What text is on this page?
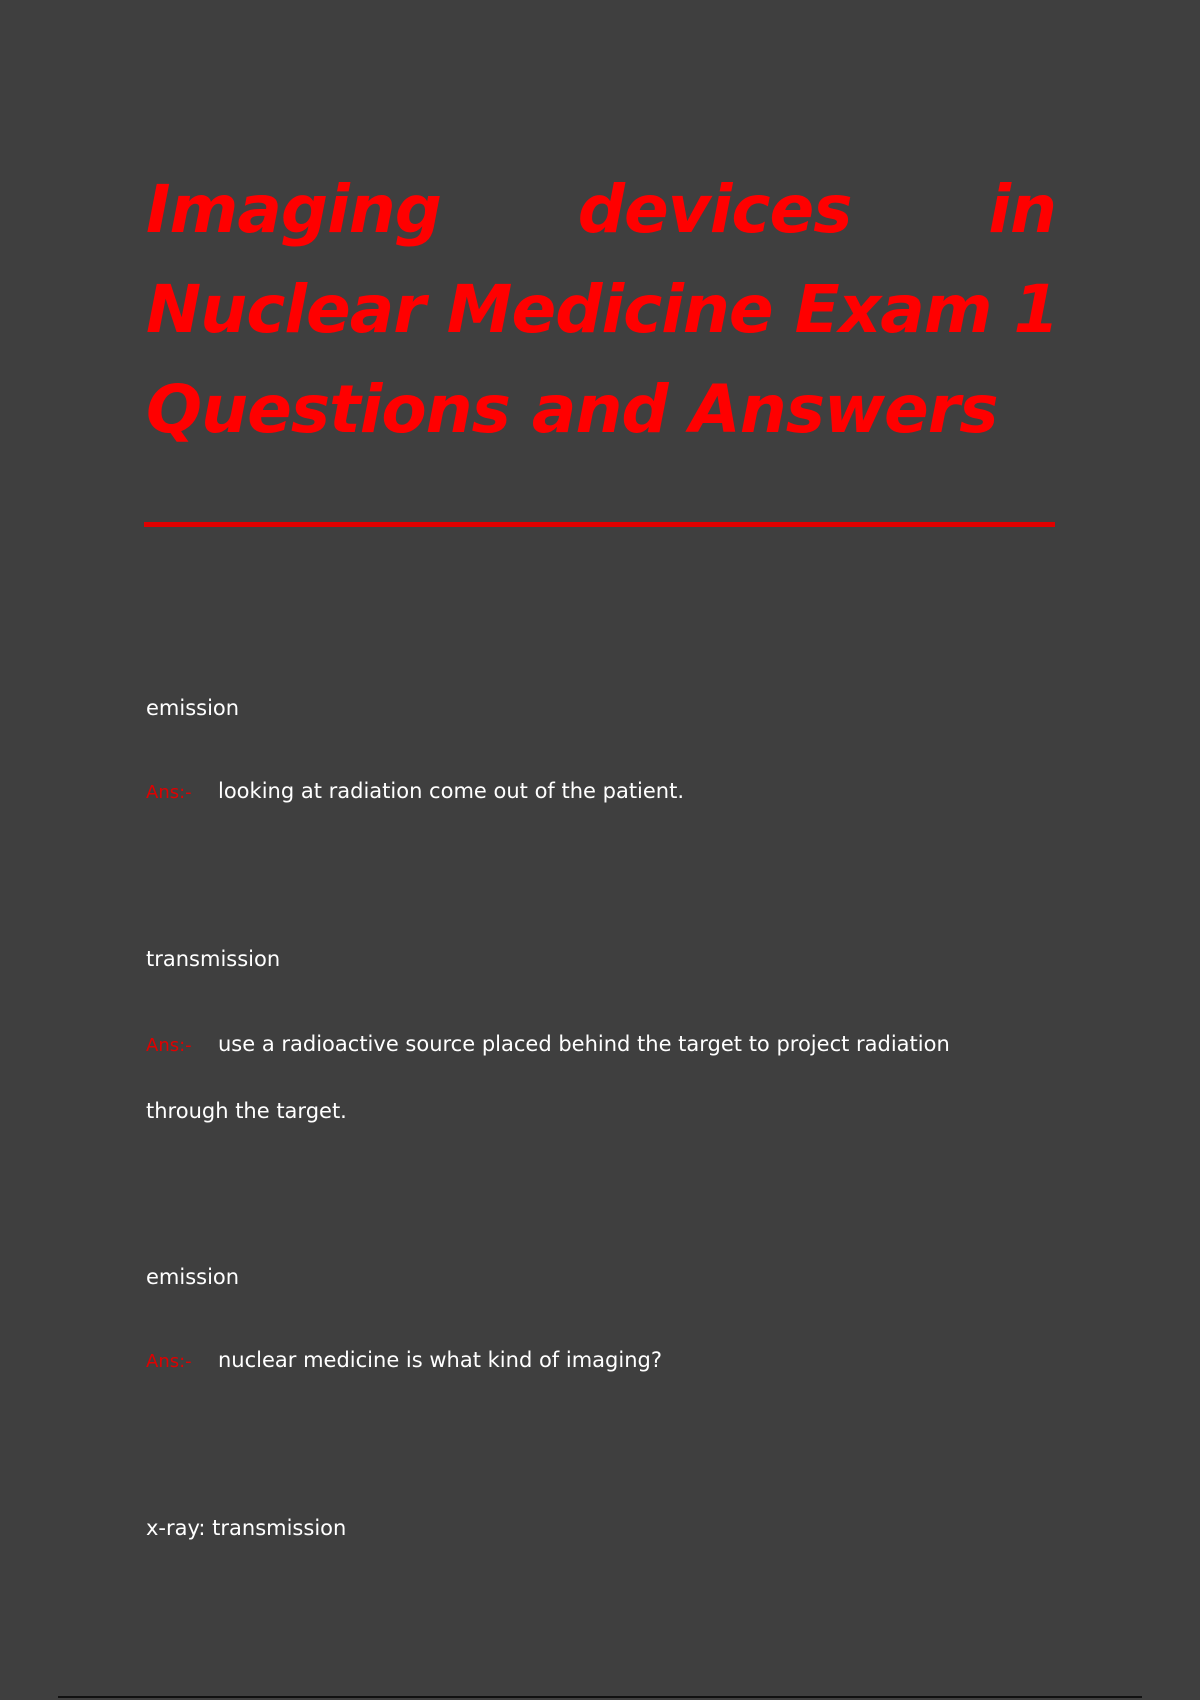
Imaging devices in
Nuclear Medicine Exam 1
Questions and Answers
emission
Ans:- looking at radiation come out of the patient.
transmission
Ans:- use a radioactive source placed behind the target to project radiation
through the target.
emission
Ans:- nuclear medicine is what kind of imaging?
x-ray: transmission
